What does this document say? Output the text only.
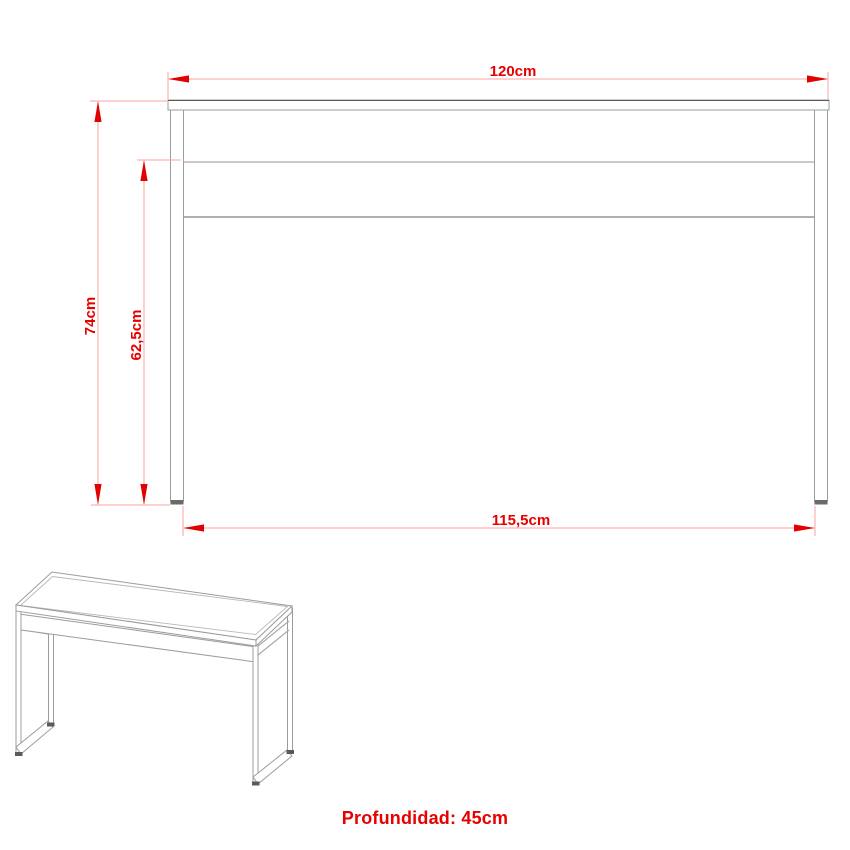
120cm
74cm 62,5cm
115,5cm
Profundidad: 45cm
